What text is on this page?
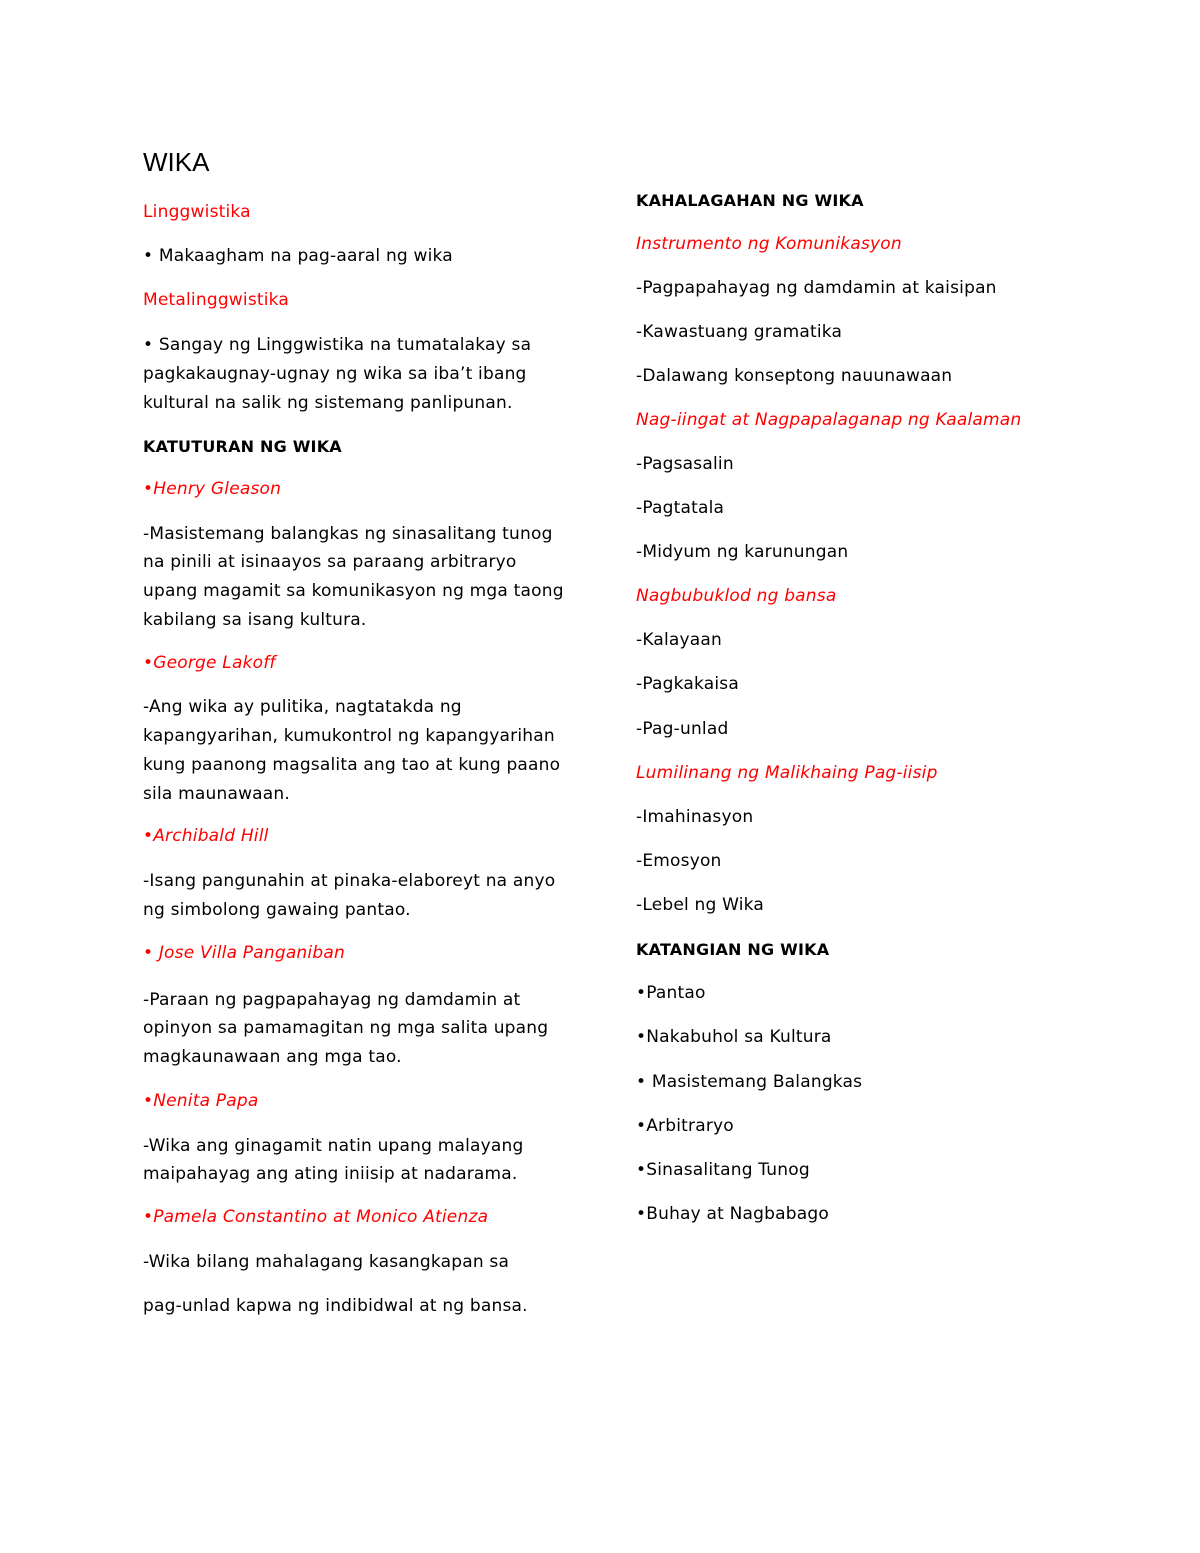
WIKA

Linggwistika

• Makaagham na pag-aaral ng wika

Metalinggwistika

• Sangay ng Linggwistika na tumatalakay sa

pagkakaugnay-ugnay ng wika sa iba’t ibang

kultural na salik ng sistemang panlipunan.

KATUTURAN NG WIKA

•Henry Gleason

-Masistemang balangkas ng sinasalitang tunog

na pinili at isinaayos sa paraang arbitraryo

upang magamit sa komunikasyon ng mga taong

kabilang sa isang kultura.

•George Lakoff

-Ang wika ay pulitika, nagtatakda ng

kapangyarihan, kumukontrol ng kapangyarihan

kung paanong magsalita ang tao at kung paano

sila maunawaan.

•Archibald Hill

-Isang pangunahin at pinaka-elaboreyt na anyo

ng simbolong gawaing pantao.

• Jose Villa Panganiban

-Paraan ng pagpapahayag ng damdamin at

opinyon sa pamamagitan ng mga salita upang

magkaunawaan ang mga tao.

•Nenita Papa

-Wika ang ginagamit natin upang malayang

maipahayag ang ating iniisip at nadarama.

•Pamela Constantino at Monico Atienza

-Wika bilang mahalagang kasangkapan sa

pag-unlad kapwa ng indibidwal at ng bansa.

KAHALAGAHAN NG WIKA

Instrumento ng Komunikasyon

-Pagpapahayag ng damdamin at kaisipan

-Kawastuang gramatika

-Dalawang konseptong nauunawaan

Nag-iingat at Nagpapalaganap ng Kaalaman

-Pagsasalin

-Pagtatala

-Midyum ng karunungan

Nagbubuklod ng bansa

-Kalayaan

-Pagkakaisa

-Pag-unlad

Lumilinang ng Malikhaing Pag-iisip

-Imahinasyon

-Emosyon

-Lebel ng Wika

KATANGIAN NG WIKA

•Pantao

•Nakabuhol sa Kultura

• Masistemang Balangkas

•Arbitraryo

•Sinasalitang Tunog

•Buhay at Nagbabago
